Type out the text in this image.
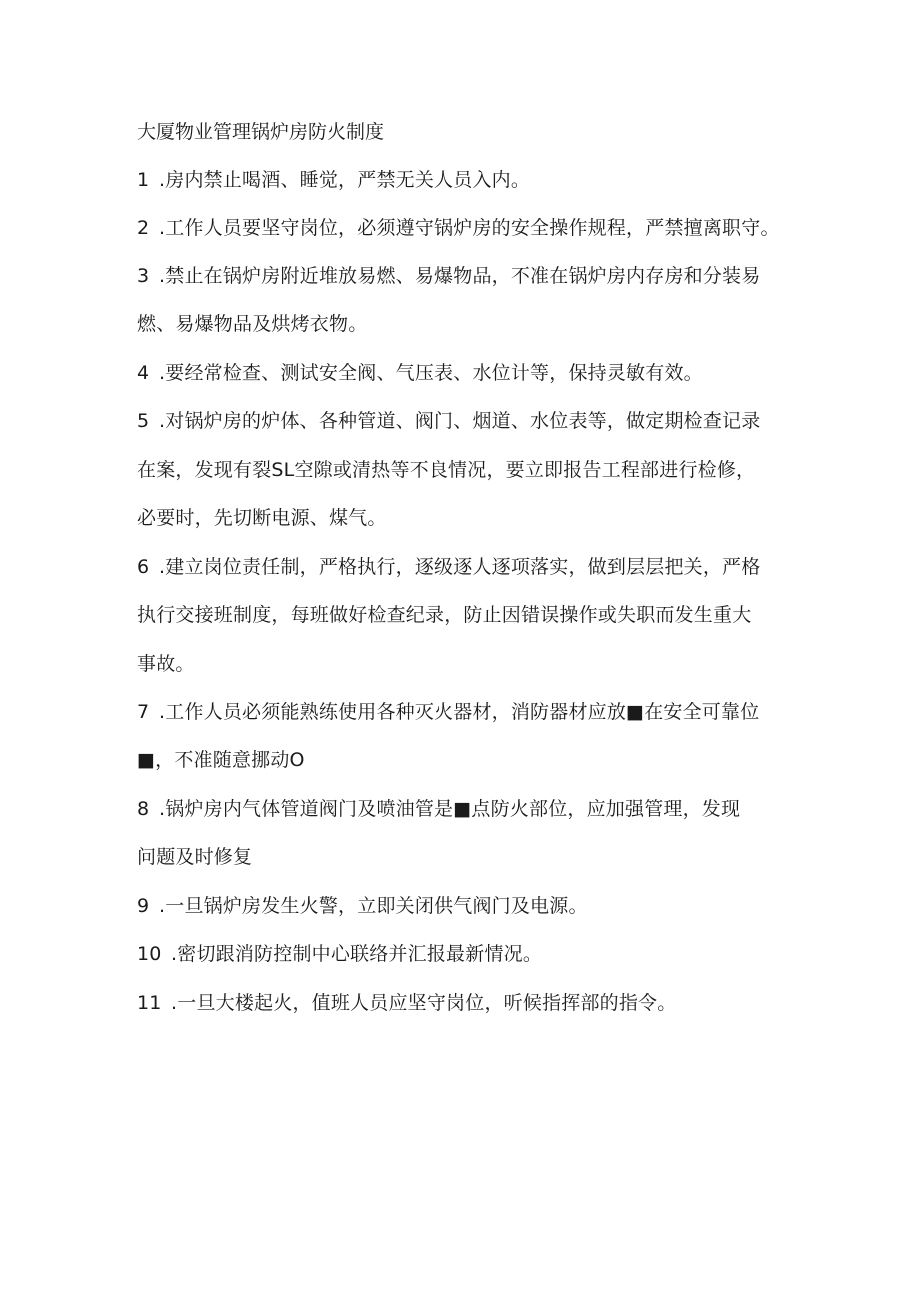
大厦物业管理锅炉房防火制度
1 .房内禁止喝酒、睡觉，严禁无关人员入内。
2 .工作人员要坚守岗位，必须遵守锅炉房的安全操作规程，严禁擅离职守。
3 .禁止在锅炉房附近堆放易燃、易爆物品，不准在锅炉房内存房和分装易
燃、易爆物品及烘烤衣物。
4 .要经常检查、测试安全阀、气压表、水位计等，保持灵敏有效。
5 .对锅炉房的炉体、各种管道、阀门、烟道、水位表等，做定期检查记录
在案，发现有裂SL空隙或清热等不良情况，要立即报告工程部进行检修，
必要时，先切断电源、煤气。
6 .建立岗位责任制，严格执行，逐级逐人逐项落实，做到层层把关，严格
执行交接班制度，每班做好检查纪录，防止因错误操作或失职而发生重大
事故。
7 .工作人员必须能熟练使用各种灭火器材，消防器材应放■在安全可靠位
■，不准随意挪动O
8 .锅炉房内气体管道阀门及喷油管是■点防火部位，应加强管理，发现
问题及时修复
9 .一旦锅炉房发生火警，立即关闭供气阀门及电源。
10 .密切跟消防控制中心联络并汇报最新情况。
11 .一旦大楼起火，值班人员应坚守岗位，听候指挥部的指令。
